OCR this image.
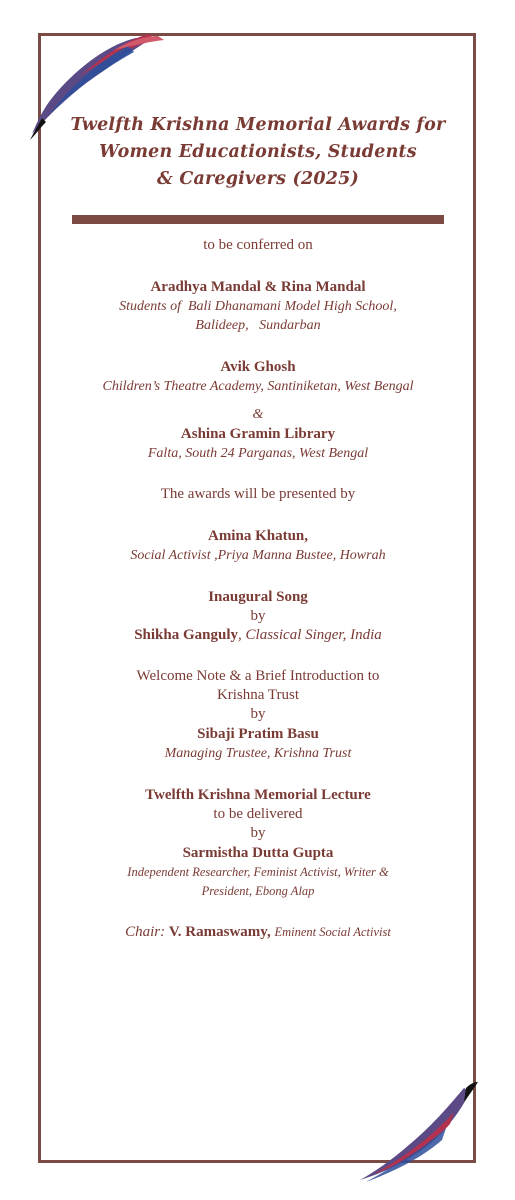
Twelfth Krishna Memorial Awards for

Women Educationists, Students

& Caregivers (2025)

to be conferred on

Aradhya Mandal & Rina Mandal

Students of  Bali Dhanamani Model High School,

Balideep,   Sundarban

Avik Ghosh

Children’s Theatre Academy, Santiniketan, West Bengal

&

Ashina Gramin Library

Falta, South 24 Parganas, West Bengal

The awards will be presented by

Amina Khatun,

Social Activist ,Priya Manna Bustee, Howrah

Inaugural Song

by

Shikha Ganguly, Classical Singer, India

Welcome Note & a Brief Introduction to

Krishna Trust

by

Sibaji Pratim Basu

Managing Trustee, Krishna Trust

Twelfth Krishna Memorial Lecture

to be delivered

by

Sarmistha Dutta Gupta

Independent Researcher, Feminist Activist, Writer &

President, Ebong Alap

Chair: V. Ramaswamy, Eminent Social Activist
